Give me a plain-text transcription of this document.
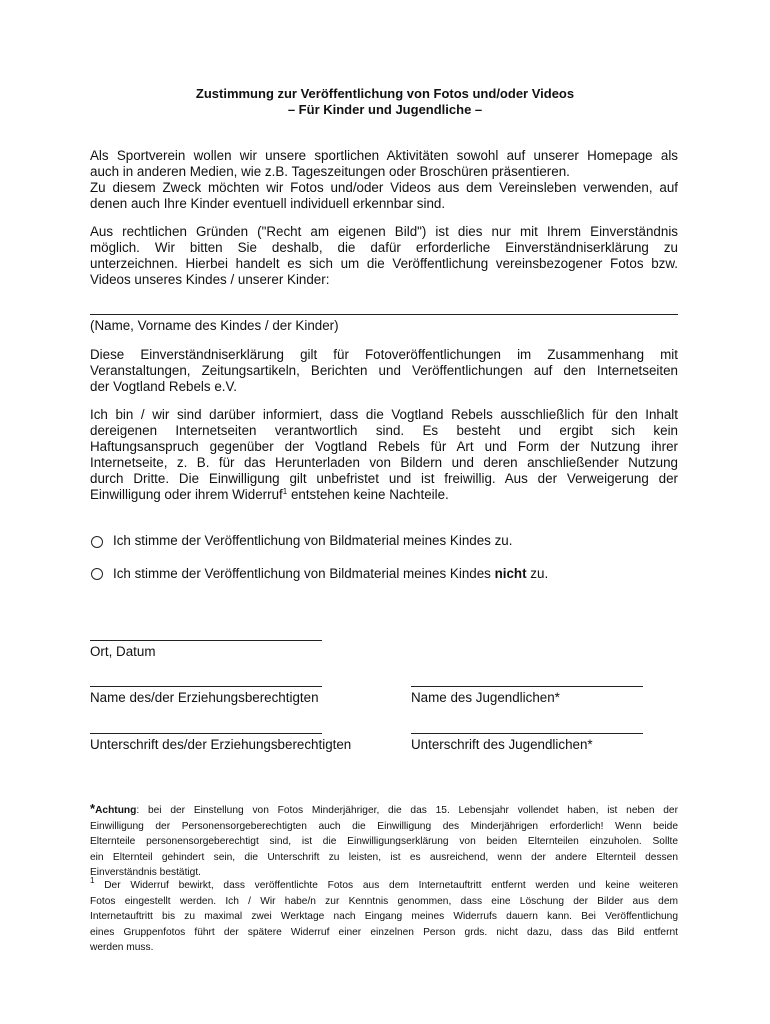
Zustimmung zur Veröffentlichung von Fotos und/oder Videos
– Für Kinder und Jugendliche –
Als Sportverein wollen wir unsere sportlichen Aktivitäten sowohl auf unserer Homepage als
auch in anderen Medien, wie z.B. Tageszeitungen oder Broschüren präsentieren.
Zu diesem Zweck möchten wir Fotos und/oder Videos aus dem Vereinsleben verwenden, auf
denen auch Ihre Kinder eventuell individuell erkennbar sind.
Aus rechtlichen Gründen ("Recht am eigenen Bild") ist dies nur mit Ihrem Einverständnis
möglich. Wir bitten Sie deshalb, die dafür erforderliche Einverständniserklärung zu
unterzeichnen. Hierbei handelt es sich um die Veröffentlichung vereinsbezogener Fotos bzw.
Videos unseres Kindes / unserer Kinder:
(Name, Vorname des Kindes / der Kinder)
Diese Einverständniserklärung gilt für Fotoveröffentlichungen im Zusammenhang mit
Veranstaltungen, Zeitungsartikeln, Berichten und Veröffentlichungen auf den Internetseiten
der Vogtland Rebels e.V.
Ich bin / wir sind darüber informiert, dass die Vogtland Rebels ausschließlich für den Inhalt
dereigenen Internetseiten verantwortlich sind. Es besteht und ergibt sich kein
Haftungsanspruch gegenüber der Vogtland Rebels für Art und Form der Nutzung ihrer
Internetseite, z. B. für das Herunterladen von Bildern und deren anschließender Nutzung
durch Dritte. Die Einwilligung gilt unbefristet und ist freiwillig. Aus der Verweigerung der
Einwilligung oder ihrem Widerruf$^1$ entstehen keine Nachteile.
Ich stimme der Veröffentlichung von Bildmaterial meines Kindes zu.
Ich stimme der Veröffentlichung von Bildmaterial meines Kindes nicht zu.
Ort, Datum
Name des/der Erziehungsberechtigten	Name des Jugendlichen*
Unterschrift des/der Erziehungsberechtigten	Unterschrift des Jugendlichen*
*Achtung: bei der Einstellung von Fotos Minderjähriger, die das 15. Lebensjahr vollendet haben, ist neben der
Einwilligung der Personensorgeberechtigten auch die Einwilligung des Minderjährigen erforderlich! Wenn beide
Elternteile personensorgeberechtigt sind, ist die Einwilligungserklärung von beiden Elternteilen einzuholen. Sollte
ein Elternteil gehindert sein, die Unterschrift zu leisten, ist es ausreichend, wenn der andere Elternteil dessen
Einverständnis bestätigt.
$^1$ Der Widerruf bewirkt, dass veröffentlichte Fotos aus dem Internetauftritt entfernt werden und keine weiteren
Fotos eingestellt werden. Ich / Wir habe/n zur Kenntnis genommen, dass eine Löschung der Bilder aus dem
Internetauftritt bis zu maximal zwei Werktage nach Eingang meines Widerrufs dauern kann. Bei Veröffentlichung
eines Gruppenfotos führt der spätere Widerruf einer einzelnen Person grds. nicht dazu, dass das Bild entfernt
werden muss.
